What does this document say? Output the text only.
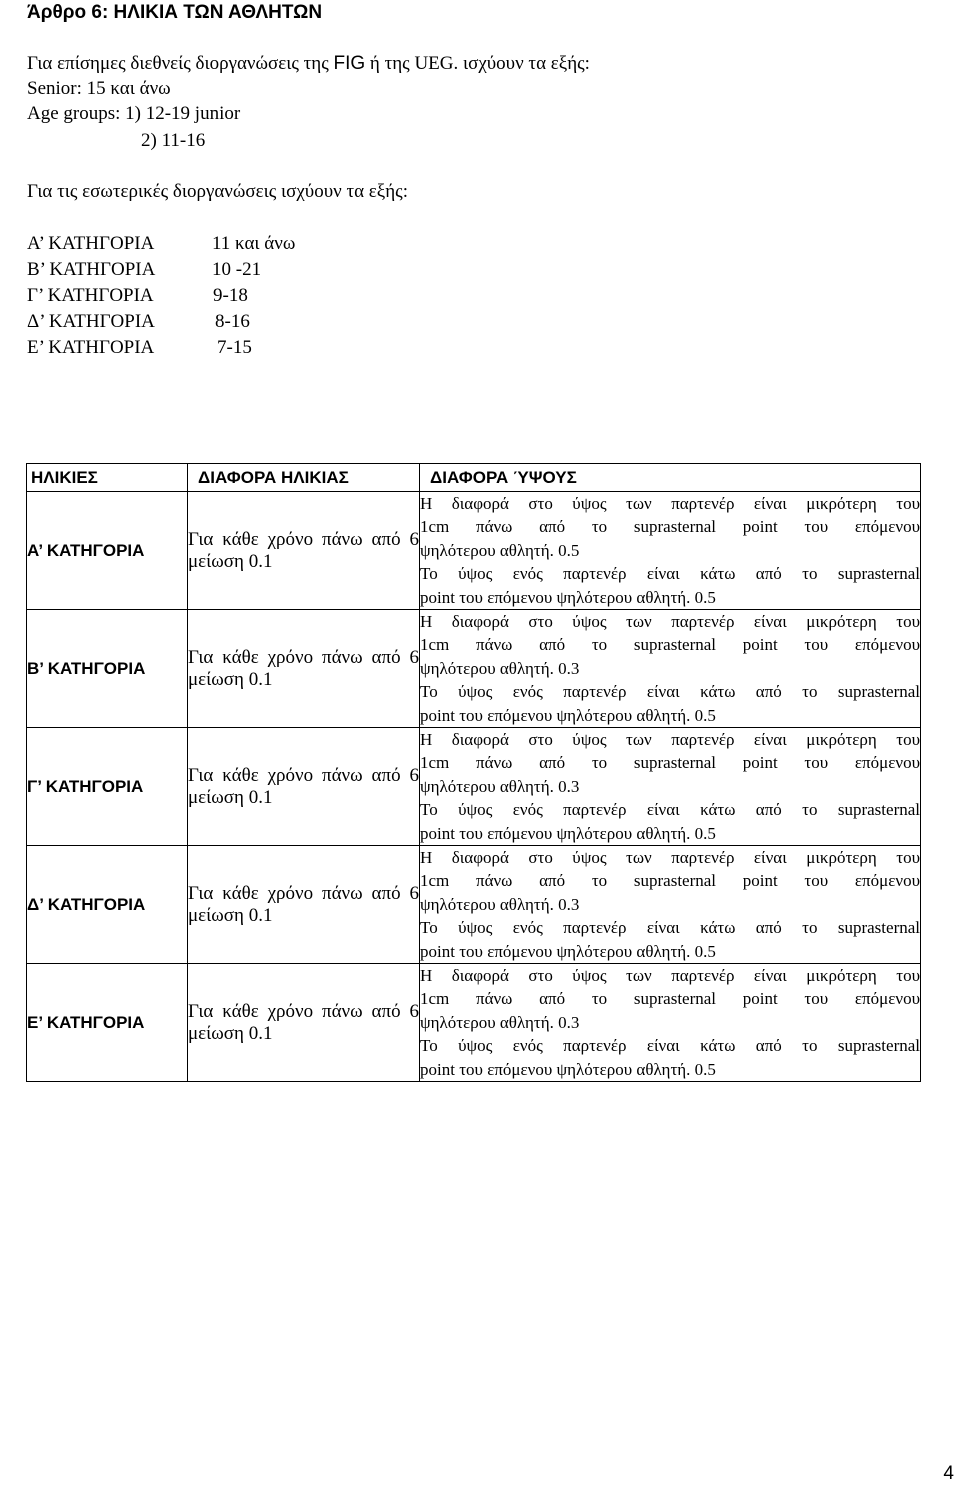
Άρθρο 6: ΗΛΙΚΙΑ ΤΩΝ ΑΘΛΗΤΩΝ
Για επίσημες διεθνείς διοργανώσεις της FIG ή της UEG. ισχύουν τα εξής:
Senior: 15 και άνω
Age groups: 1) 12-19 junior
2) 11-16
Για τις εσωτερικές διοργανώσεις ισχύουν τα εξής:
Α’ ΚΑΤΗΓΟΡΙΑ	11 και άνω
Β’ ΚΑΤΗΓΟΡΙΑ	10 -21
Γ’ ΚΑΤΗΓΟΡΙΑ	9-18
Δ’ ΚΑΤΗΓΟΡΙΑ	8-16
Ε’ ΚΑΤΗΓΟΡΙΑ	7-15
ΗΛΙΚΙΕΣ	ΔΙΑΦΟΡΑ ΗΛΙΚΙΑΣ	ΔΙΑΦΟΡΑ ΎΨΟΥΣ
Α’ ΚΑΤΗΓΟΡΙΑ	Για κάθε χρόνο πάνω από 6 μείωση 0.1	Η διαφορά στο ύψος των παρτενέρ είναι μικρότερη του
1cm πάνω από το suprasternal point του επόμενου
ψηλότερου αθλητή. 0.5
Το ύψος ενός παρτενέρ είναι κάτω από το suprasternal
point του επόμενου ψηλότερου αθλητή. 0.5

Β’ ΚΑΤΗΓΟΡΙΑ	Για κάθε χρόνο πάνω από 6 μείωση 0.1	Η διαφορά στο ύψος των παρτενέρ είναι μικρότερη του
1cm πάνω από το suprasternal point του επόμενου
ψηλότερου αθλητή. 0.3
Το ύψος ενός παρτενέρ είναι κάτω από το suprasternal
point του επόμενου ψηλότερου αθλητή. 0.5

Γ’ ΚΑΤΗΓΟΡΙΑ	Για κάθε χρόνο πάνω από 6 μείωση 0.1	Η διαφορά στο ύψος των παρτενέρ είναι μικρότερη του
1cm πάνω από το suprasternal point του επόμενου
ψηλότερου αθλητή. 0.3
Το ύψος ενός παρτενέρ είναι κάτω από το suprasternal
point του επόμενου ψηλότερου αθλητή. 0.5

Δ’ ΚΑΤΗΓΟΡΙΑ	Για κάθε χρόνο πάνω από 6 μείωση 0.1	Η διαφορά στο ύψος των παρτενέρ είναι μικρότερη του
1cm πάνω από το suprasternal point του επόμενου
ψηλότερου αθλητή. 0.3
Το ύψος ενός παρτενέρ είναι κάτω από το suprasternal
point του επόμενου ψηλότερου αθλητή. 0.5

Ε’ ΚΑΤΗΓΟΡΙΑ	Για κάθε χρόνο πάνω από 6 μείωση 0.1	Η διαφορά στο ύψος των παρτενέρ είναι μικρότερη του
1cm πάνω από το suprasternal point του επόμενου
ψηλότερου αθλητή. 0.3
Το ύψος ενός παρτενέρ είναι κάτω από το suprasternal
point του επόμενου ψηλότερου αθλητή. 0.5
4
